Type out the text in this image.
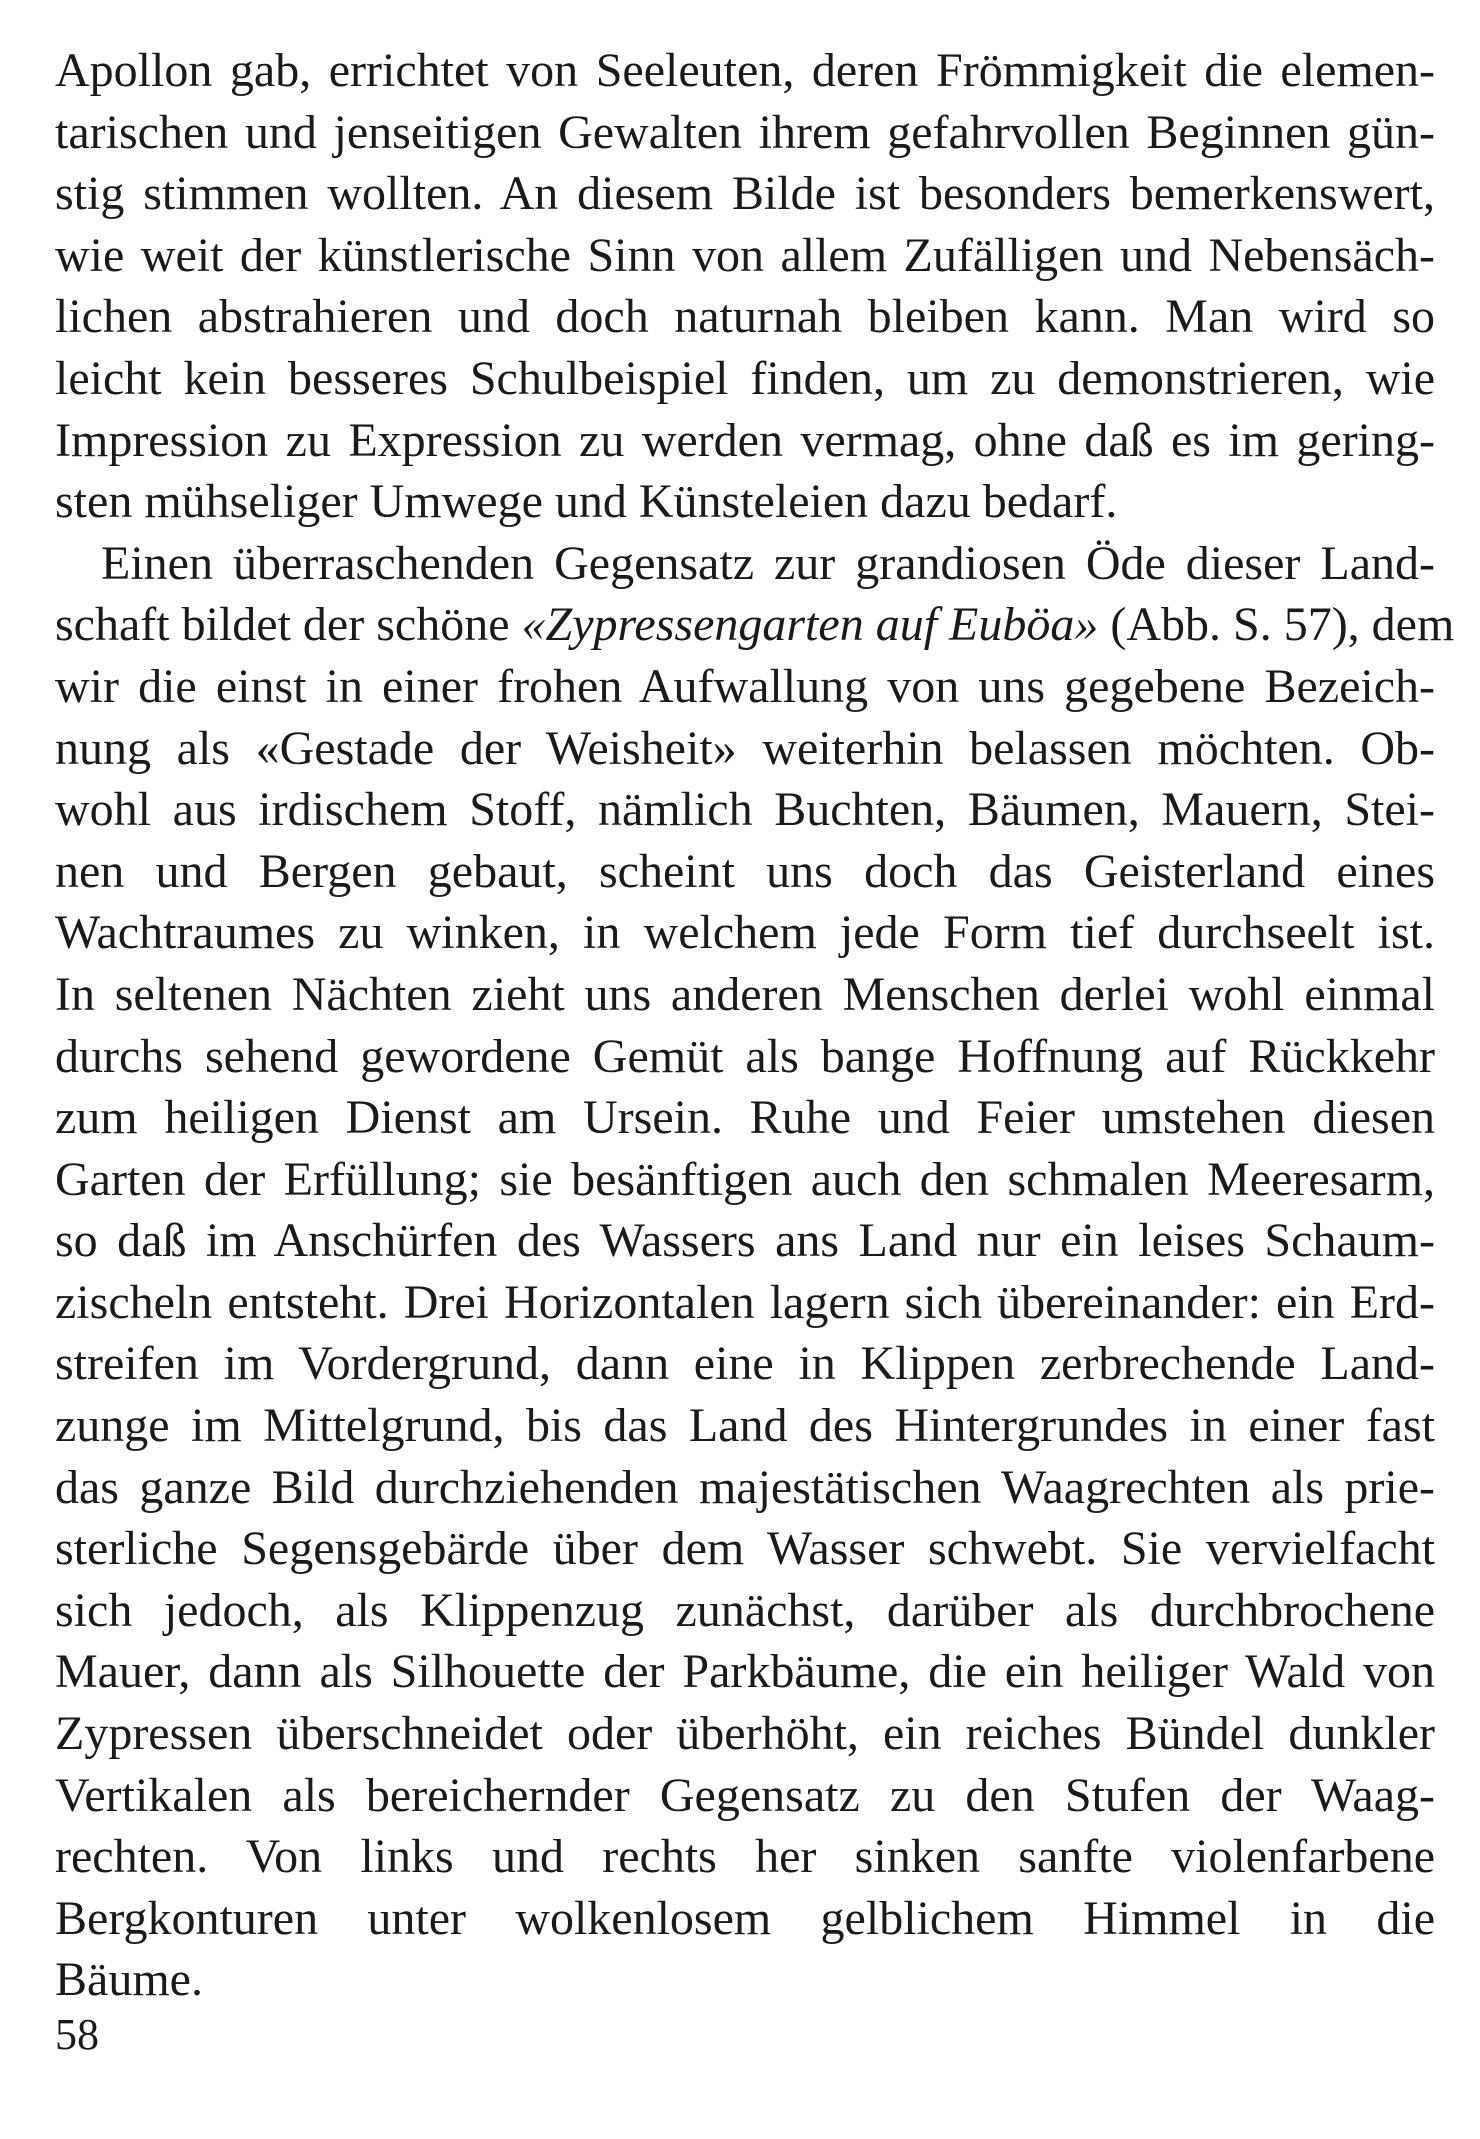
Apollon gab, errichtet von Seeleuten, deren Frömmigkeit die elemen-
tarischen und jenseitigen Gewalten ihrem gefahrvollen Beginnen gün-
stig stimmen wollten. An diesem Bilde ist besonders bemerkenswert,
wie weit der künstlerische Sinn von allem Zufälligen und Nebensäch-
lichen abstrahieren und doch naturnah bleiben kann. Man wird so
leicht kein besseres Schulbeispiel finden, um zu demonstrieren, wie
Impression zu Expression zu werden vermag, ohne daß es im gering-
sten mühseliger Umwege und Künsteleien dazu bedarf.
Einen überraschenden Gegensatz zur grandiosen Öde dieser Land-
schaft bildet der schöne «Zypressengarten auf Euböa» (Abb. S. 57), dem
wir die einst in einer frohen Aufwallung von uns gegebene Bezeich-
nung als «Gestade der Weisheit» weiterhin belassen möchten. Ob-
wohl aus irdischem Stoff, nämlich Buchten, Bäumen, Mauern, Stei-
nen und Bergen gebaut, scheint uns doch das Geisterland eines
Wachtraumes zu winken, in welchem jede Form tief durchseelt ist.
In seltenen Nächten zieht uns anderen Menschen derlei wohl einmal
durchs sehend gewordene Gemüt als bange Hoffnung auf Rückkehr
zum heiligen Dienst am Ursein. Ruhe und Feier umstehen diesen
Garten der Erfüllung; sie besänftigen auch den schmalen Meeresarm,
so daß im Anschürfen des Wassers ans Land nur ein leises Schaum-
zischeln entsteht. Drei Horizontalen lagern sich übereinander: ein Erd-
streifen im Vordergrund, dann eine in Klippen zerbrechende Land-
zunge im Mittelgrund, bis das Land des Hintergrundes in einer fast
das ganze Bild durchziehenden majestätischen Waagrechten als prie-
sterliche Segensgebärde über dem Wasser schwebt. Sie vervielfacht
sich jedoch, als Klippenzug zunächst, darüber als durchbrochene
Mauer, dann als Silhouette der Parkbäume, die ein heiliger Wald von
Zypressen überschneidet oder überhöht, ein reiches Bündel dunkler
Vertikalen als bereichernder Gegensatz zu den Stufen der Waag-
rechten. Von links und rechts her sinken sanfte violenfarbene
Bergkonturen unter wolkenlosem gelblichem Himmel in die
Bäume.
58
